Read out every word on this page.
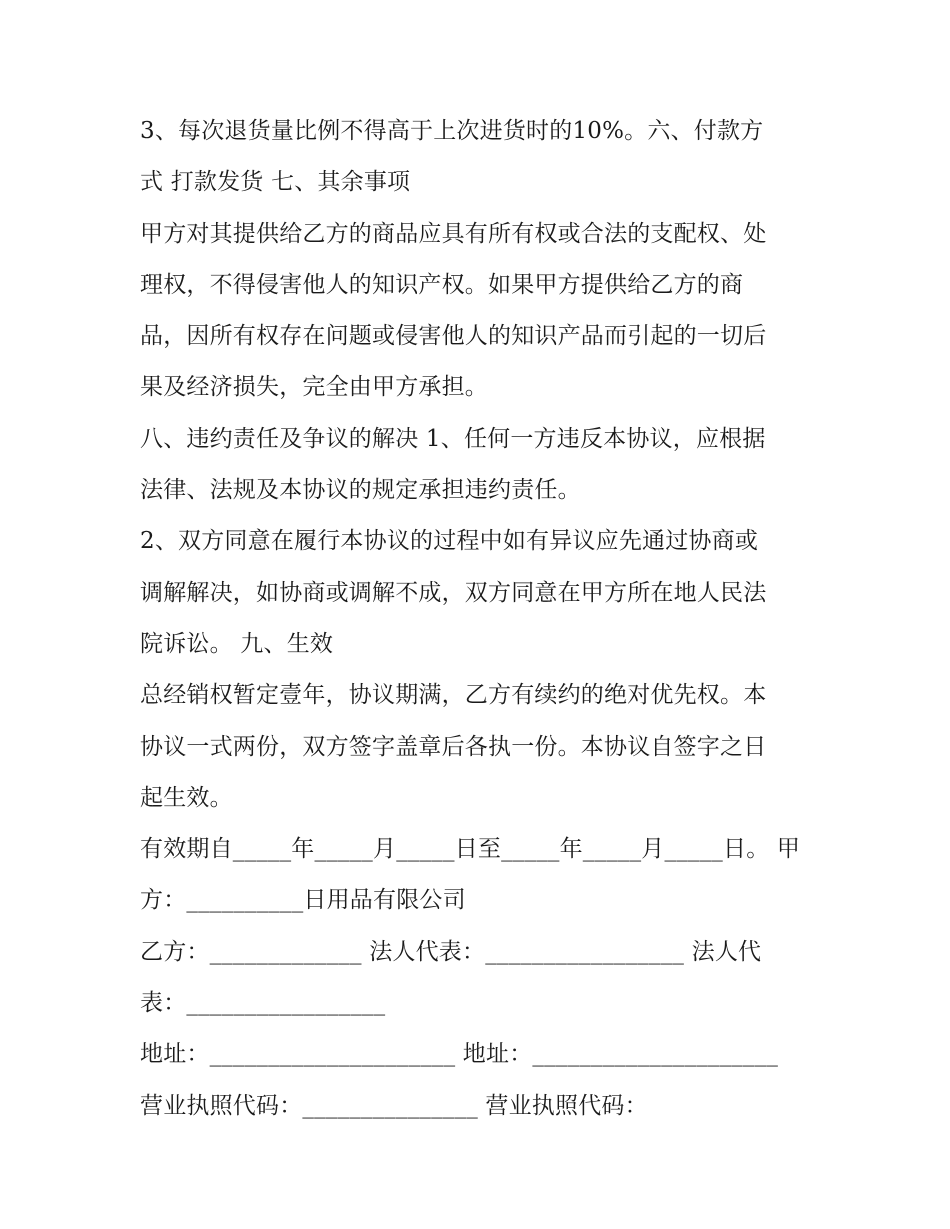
3、每次退货量比例不得高于上次进货时的10%。六、付款方
式 打款发货 七、其余事项
甲方对其提供给乙方的商品应具有所有权或合法的支配权、处
理权，不得侵害他人的知识产权。如果甲方提供给乙方的商
品，因所有权存在问题或侵害他人的知识产品而引起的一切后
果及经济损失，完全由甲方承担。
八、违约责任及争议的解决 1、任何一方违反本协议，应根据
法律、法规及本协议的规定承担违约责任。
2、双方同意在履行本协议的过程中如有异议应先通过协商或
调解解决，如协商或调解不成，双方同意在甲方所在地人民法
院诉讼。 九、生效
总经销权暂定壹年，协议期满，乙方有续约的绝对优先权。本
协议一式两份，双方签字盖章后各执一份。本协议自签字之日
起生效。
有效期自_____年_____月_____日至_____年_____月_____日。 甲
方：__________日用品有限公司
乙方：_____________ 法人代表：_________________ 法人代
表：_________________
地址：_____________________ 地址：_____________________
营业执照代码：_______________ 营业执照代码：
